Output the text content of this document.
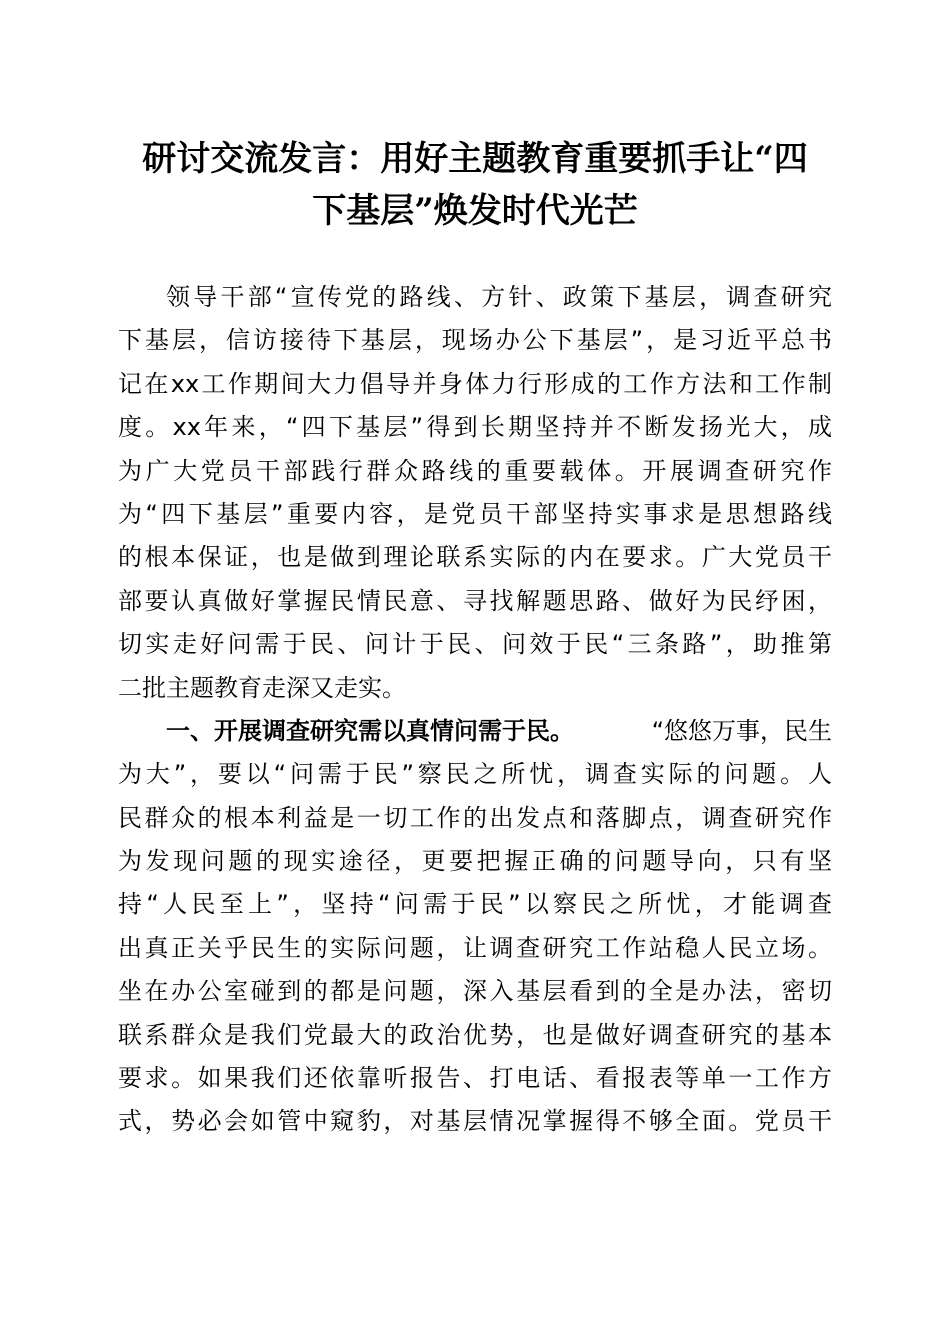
研讨交流发言：用好主题教育重要抓手让“四
下基层”焕发时代光芒
领导干部“宣传党的路线、方针、政策下基层，调查研究
下基层，信访接待下基层，现场办公下基层”，是习近平总书
记在xx工作期间大力倡导并身体力行形成的工作方法和工作制
度。xx年来，“四下基层”得到长期坚持并不断发扬光大，成
为广大党员干部践行群众路线的重要载体。开展调查研究作
为“四下基层”重要内容，是党员干部坚持实事求是思想路线
的根本保证，也是做到理论联系实际的内在要求。广大党员干
部要认真做好掌握民情民意、寻找解题思路、做好为民纾困，
切实走好问需于民、问计于民、问效于民“三条路”，助推第
二批主题教育走深又走实。
一、开展调查研究需以真情问需于民。	“悠悠万事，民生
为大”，要以“问需于民”察民之所忧，调查实际的问题。人
民群众的根本利益是一切工作的出发点和落脚点，调查研究作
为发现问题的现实途径，更要把握正确的问题导向，只有坚
持“人民至上”，坚持“问需于民”以察民之所忧，才能调查
出真正关乎民生的实际问题，让调查研究工作站稳人民立场。
坐在办公室碰到的都是问题，深入基层看到的全是办法，密切
联系群众是我们党最大的政治优势，也是做好调查研究的基本
要求。如果我们还依靠听报告、打电话、看报表等单一工作方
式，势必会如管中窥豹，对基层情况掌握得不够全面。党员干
